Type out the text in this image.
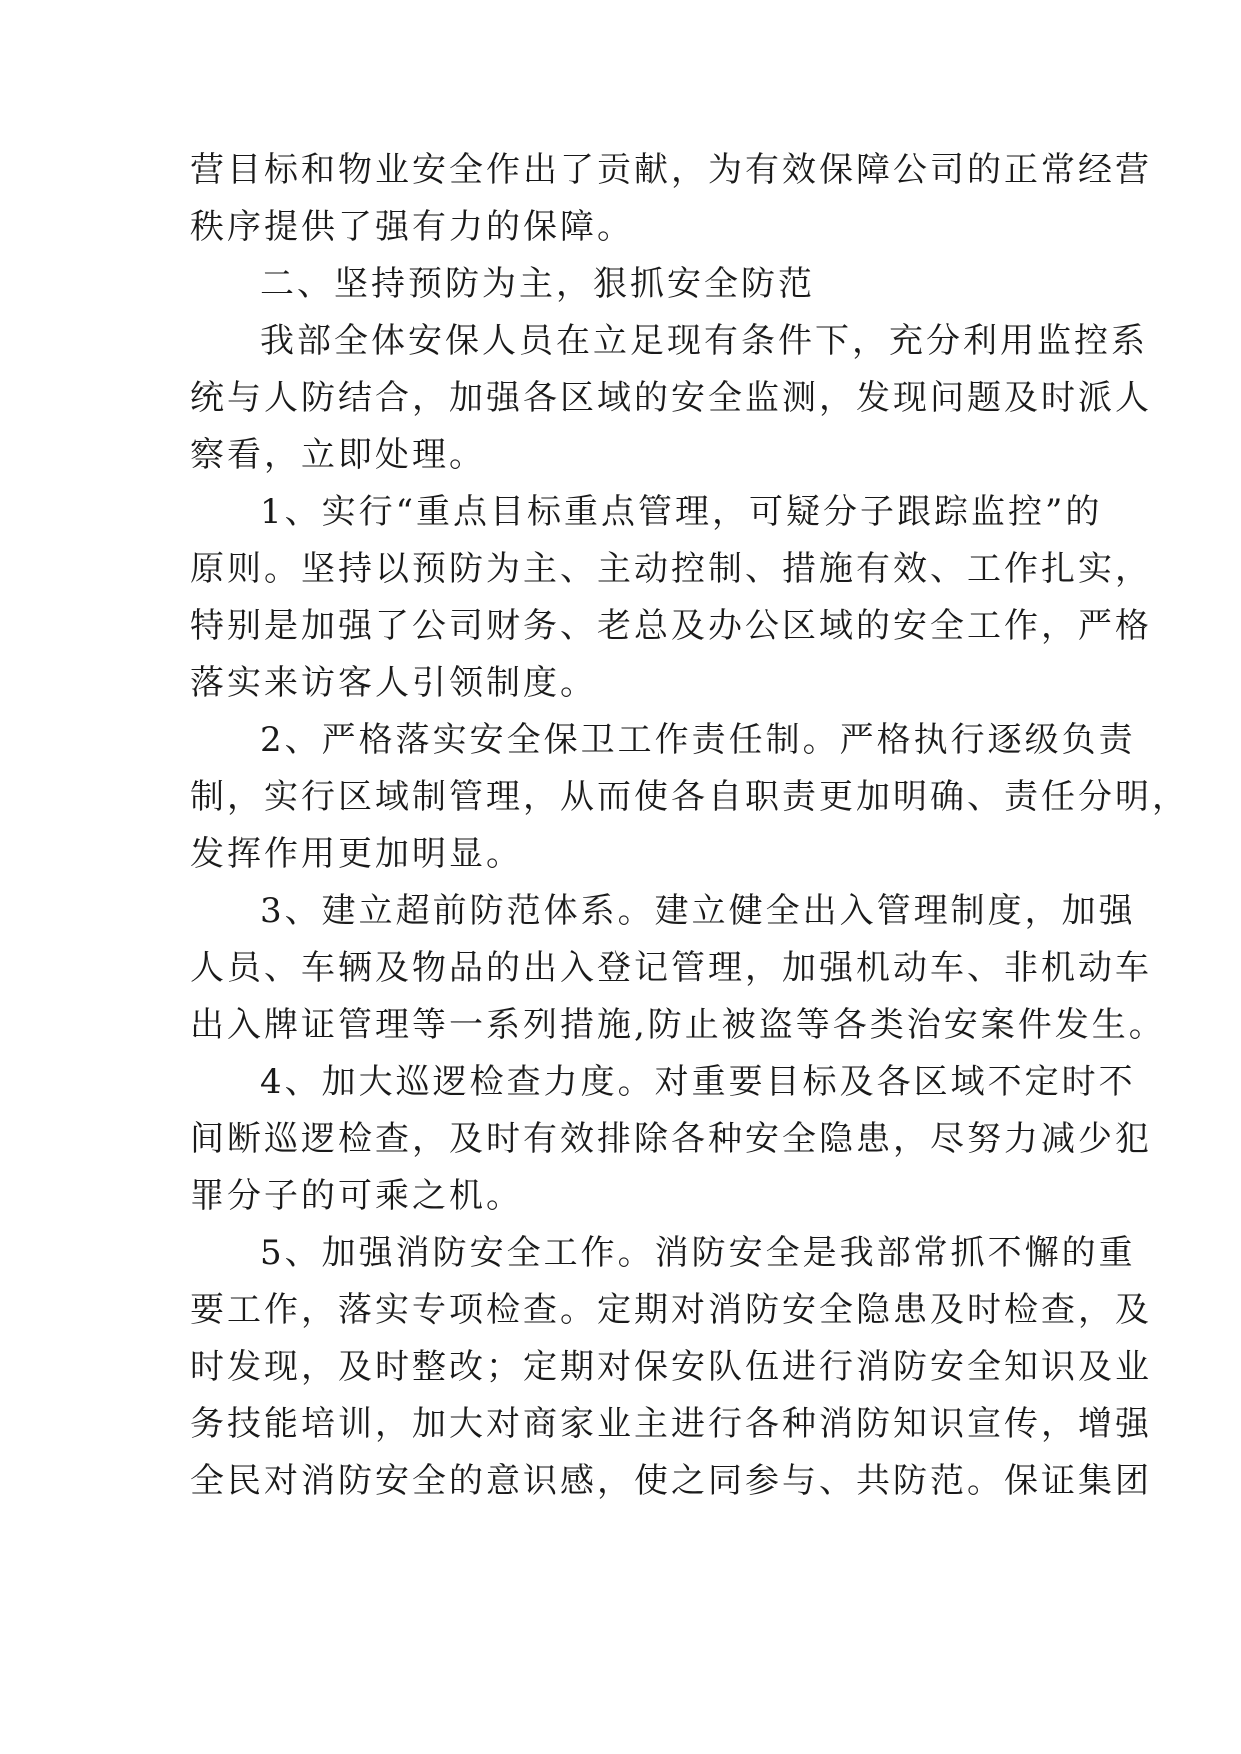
营目标和物业安全作出了贡献，为有效保障公司的正常经营
秩序提供了强有力的保障。
二、坚持预防为主，狠抓安全防范
我部全体安保人员在立足现有条件下，充分利用监控系
统与人防结合，加强各区域的安全监测，发现问题及时派人
察看，立即处理。
1、实行“重点目标重点管理，可疑分子跟踪监控”的
原则。坚持以预防为主、主动控制、措施有效、工作扎实，
特别是加强了公司财务、老总及办公区域的安全工作，严格
落实来访客人引领制度。
2、严格落实安全保卫工作责任制。严格执行逐级负责
制，实行区域制管理，从而使各自职责更加明确、责任分明，
发挥作用更加明显。
3、建立超前防范体系。建立健全出入管理制度，加强
人员、车辆及物品的出入登记管理，加强机动车、非机动车
出入牌证管理等一系列措施,防止被盗等各类治安案件发生。
4、加大巡逻检查力度。对重要目标及各区域不定时不
间断巡逻检查，及时有效排除各种安全隐患，尽努力减少犯
罪分子的可乘之机。
5、加强消防安全工作。消防安全是我部常抓不懈的重
要工作，落实专项检查。定期对消防安全隐患及时检查，及
时发现，及时整改；定期对保安队伍进行消防安全知识及业
务技能培训，加大对商家业主进行各种消防知识宣传，增强
全民对消防安全的意识感，使之同参与、共防范。保证集团
